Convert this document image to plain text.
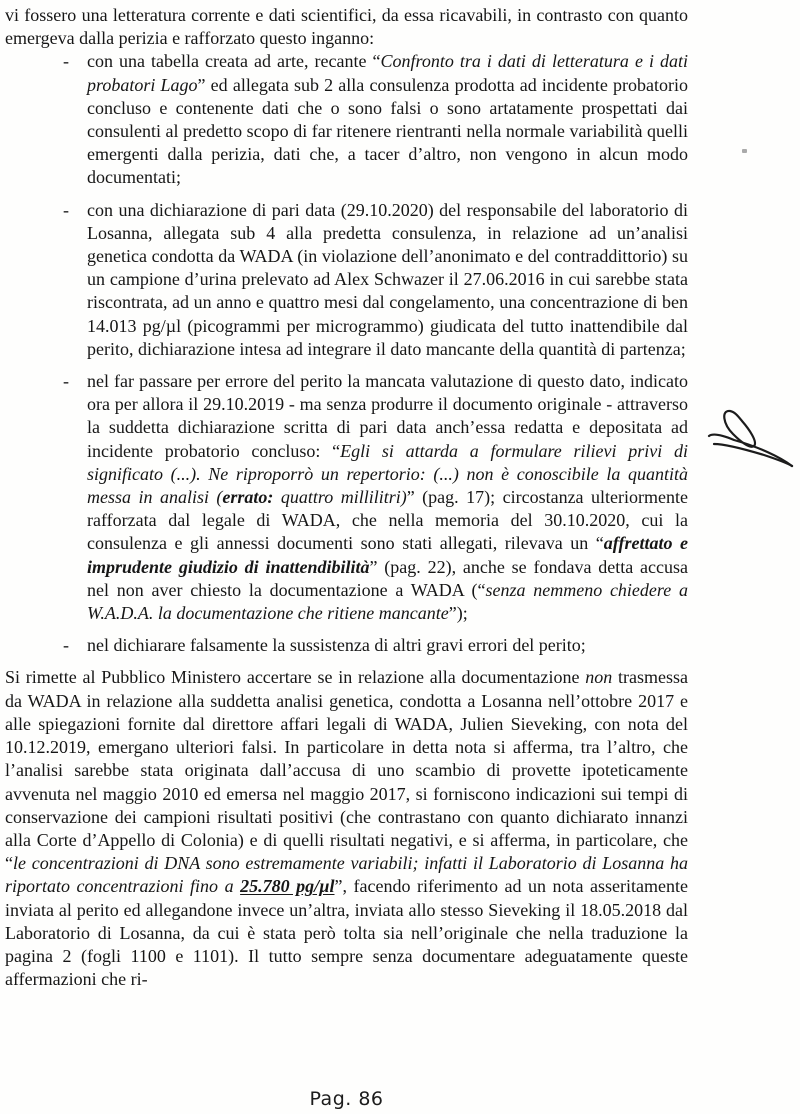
vi fossero una letteratura corrente e dati scientifici, da essa ricavabili, in contrasto con quanto emergeva dalla perizia e rafforzato questo inganno:

-	con una tabella creata ad arte, recante “Confronto tra i dati di letteratura e i dati probatori Lago” ed allegata sub 2 alla consulenza prodotta ad incidente probatorio concluso e contenente dati che o sono falsi o sono artatamente prospettati dai consulenti al predetto scopo di far ritenere rientranti nella normale variabilità quelli emergenti dalla perizia, dati che, a tacer d’altro, non vengono in alcun modo documentati;

-	con una dichiarazione di pari data (29.10.2020) del responsabile del laboratorio di Losanna, allegata sub 4 alla predetta consulenza, in relazione ad un’analisi genetica condotta da WADA (in violazione dell’anonimato e del contraddittorio) su un campione d’urina prelevato ad Alex Schwazer il 27.06.2016 in cui sarebbe stata riscontrata, ad un anno e quattro mesi dal congelamento, una concentrazione di ben 14.013 pg/µl (picogrammi per microgrammo) giudicata del tutto inattendibile dal perito, dichiarazione intesa ad integrare il dato mancante della quantità di partenza;

-	nel far passare per errore del perito la mancata valutazione di questo dato, indicato ora per allora il 29.10.2019 - ma senza produrre il documento originale - attraverso la suddetta dichiarazione scritta di pari data anch’essa redatta e depositata ad incidente probatorio concluso: “Egli si attarda a formulare rilievi privi di significato (...). Ne riproporrò un repertorio: (...) non è conoscibile la quantità messa in analisi (errato: quattro millilitri)” (pag. 17); circostanza ulteriormente rafforzata dal legale di WADA, che nella memoria del 30.10.2020, cui la consulenza e gli annessi documenti sono stati allegati, rilevava un “affrettato e imprudente giudizio di inattendibilità” (pag. 22), anche se fondava detta accusa nel non aver chiesto la documentazione a WADA (“senza nemmeno chiedere a W.A.D.A. la documentazione che ritiene mancante”);

-	nel dichiarare falsamente la sussistenza di altri gravi errori del perito;

Si rimette al Pubblico Ministero accertare se in relazione alla documentazione non trasmessa da WADA in relazione alla suddetta analisi genetica, condotta a Losanna nell’ottobre 2017 e alle spiegazioni fornite dal direttore affari legali di WADA, Julien Sieveking, con nota del 10.12.2019, emergano ulteriori falsi. In particolare in detta nota si afferma, tra l’altro, che l’analisi sarebbe stata originata dall’accusa di uno scambio di provette ipoteticamente avvenuta nel maggio 2010 ed emersa nel maggio 2017, si forniscono indicazioni sui tempi di conservazione dei campioni risultati positivi (che contrastano con quanto dichiarato innanzi alla Corte d’Appello di Colonia) e di quelli risultati negativi, e si afferma, in particolare, che “le concentrazioni di DNA sono estremamente variabili; infatti il Laboratorio di Losanna ha riportato concentrazioni fino a 25.780 pg/µl”, facendo riferimento ad un nota asseritamente inviata al perito ed allegandone invece un’altra, inviata allo stesso Sieveking il 18.05.2018 dal Laboratorio di Losanna, da cui è stata però tolta sia nell’originale che nella traduzione la pagina 2 (fogli 1100 e 1101). Il tutto sempre senza documentare adeguatamente queste affermazioni che ri-

Pag. 86
